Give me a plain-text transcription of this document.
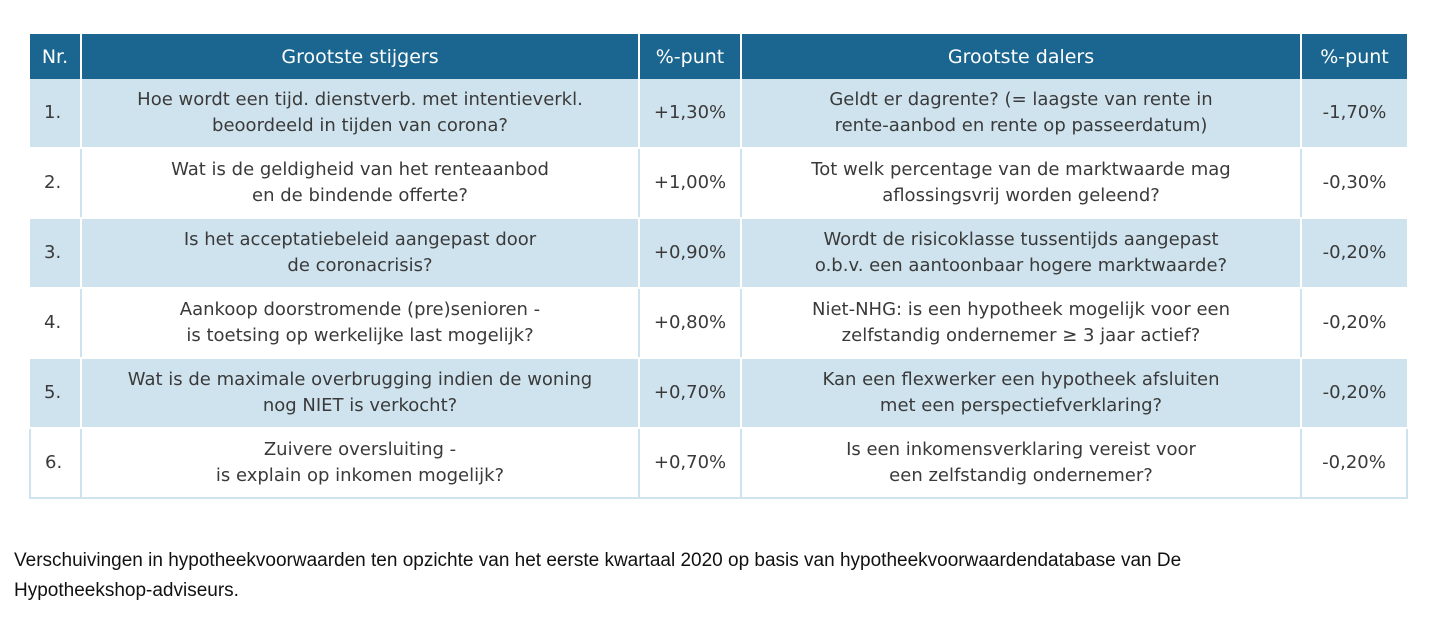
Nr.	Grootste stijgers	%-punt	Grootste dalers	%-punt
1.	Hoe wordt een tijd. dienstverb. met intentieverkl.
beoordeeld in tijden van corona?	+1,30%	Geldt er dagrente? (= laagste van rente in
rente-aanbod en rente op passeerdatum)	-1,70%
2.	Wat is de geldigheid van het renteaanbod
en de bindende offerte?	+1,00%	Tot welk percentage van de marktwaarde mag
aflossingsvrij worden geleend?	-0,30%
3.	Is het acceptatiebeleid aangepast door
de coronacrisis?	+0,90%	Wordt de risicoklasse tussentijds aangepast
o.b.v. een aantoonbaar hogere marktwaarde?	-0,20%
4.	Aankoop doorstromende (pre)senioren -
is toetsing op werkelijke last mogelijk?	+0,80%	Niet-NHG: is een hypotheek mogelijk voor een
zelfstandig ondernemer ≥ 3 jaar actief?	-0,20%
5.	Wat is de maximale overbrugging indien de woning
nog NIET is verkocht?	+0,70%	Kan een flexwerker een hypotheek afsluiten
met een perspectiefverklaring?	-0,20%
6.	Zuivere oversluiting -
is explain op inkomen mogelijk?	+0,70%	Is een inkomensverklaring vereist voor
een zelfstandig ondernemer?	-0,20%
Verschuivingen in hypotheekvoorwaarden ten opzichte van het eerste kwartaal 2020 op basis van hypotheekvoorwaardendatabase van De
Hypotheekshop-adviseurs.
